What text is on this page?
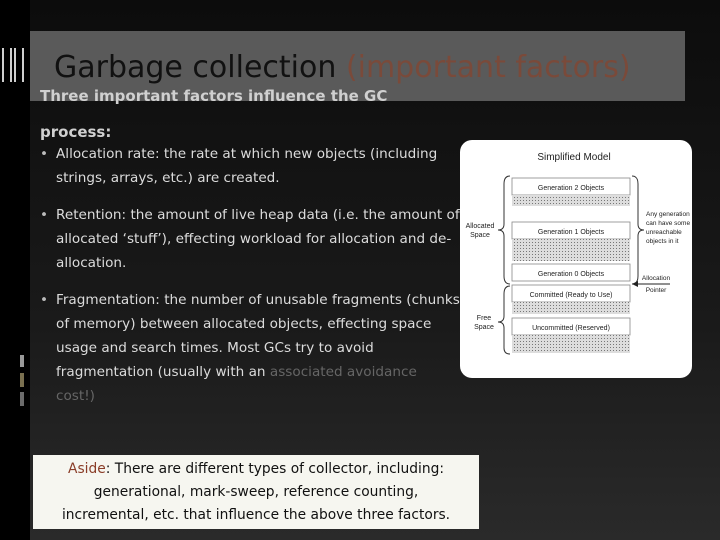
Garbage collection (important factors)
Three important factors influence the GC process:
• Allocation rate: the rate at which new objects (including strings, arrays, etc.) are created.
• Retention: the amount of live heap data (i.e. the amount of allocated ‘stuff’), effecting workload for allocation and de-allocation.
• Fragmentation: the number of unusable fragments (chunks of memory) between allocated objects, effecting space usage and search times. Most GCs try to avoid fragmentation (usually with an associated avoidance cost!)
Simplified Model
Generation 2 Objects
Generation 1 Objects
Generation 0 Objects
Committed (Ready to Use)
Uncommitted (Reserved)
Allocated
Space
Free
Space
Any generation
can have some
unreachable
objects in it
Allocation
Pointer
Aside: There are different types of collector, including:
generational, mark-sweep, reference counting,
incremental, etc. that influence the above three factors.
